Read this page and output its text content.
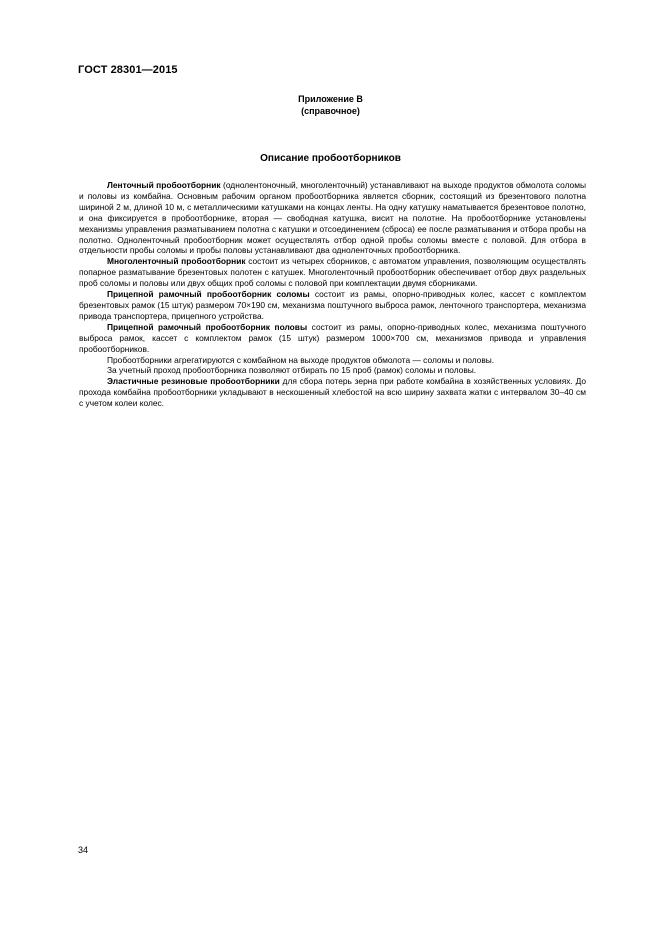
ГОСТ 28301—2015
Приложение В
(справочное)
Описание пробоотборников

Ленточный пробоотборник (однолентоночный, многоленточный) устанавливают на выходе продуктов обмолота соломы и половы из комбайна. Основным рабочим органом пробоотборника является сборник, состоящий из брезентового полотна шириной 2 м, длиной 10 м, с металлическими катушками на концах ленты. На одну катушку наматывается брезентовое полотно, и она фиксируется в пробоотборнике, вторая — свободная катушка, висит на полотне. На пробоотборнике установлены механизмы управления разматыванием полотна с катушки и отсоединением (сброса) ее после разматывания и отбора пробы на полотно. Одноленточный пробоотборник может осуществлять отбор одной пробы соломы вместе с половой. Для отбора в отдельности пробы соломы и пробы половы устанавливают два одноленточных пробоотборника.

Многоленточный пробоотборник состоит из четырех сборников, с автоматом управления, позволяющим осуществлять попарное разматывание брезентовых полотен с катушек. Многоленточный пробоотборник обеспечивает отбор двух раздельных проб соломы и половы или двух общих проб соломы с половой при комплектации двумя сборниками.

Прицепной рамочный пробоотборник соломы состоит из рамы, опорно-приводных колес, кассет с комплектом брезентовых рамок (15 штук) размером 70×190 см, механизма поштучного выброса рамок, ленточного транспортера, механизма привода транспортера, прицепного устройства.

Прицепной рамочный пробоотборник половы состоит из рамы, опорно-приводных колес, механизма поштучного выброса рамок, кассет с комплектом рамок (15 штук) размером 1000×700 см, механизмов привода и управления пробоотборников.

Пробоотборники агрегатируются с комбайном на выходе продуктов обмолота — соломы и половы.

За учетный проход пробоотборника позволяют отбирать по 15 проб (рамок) соломы и половы.

Эластичные резиновые пробоотборники для сбора потерь зерна при работе комбайна в хозяйственных условиях. До прохода комбайна пробоотборники укладывают в нескошенный хлебостой на всю ширину захвата жатки с интервалом 30–40 см с учетом колеи колес.

34
